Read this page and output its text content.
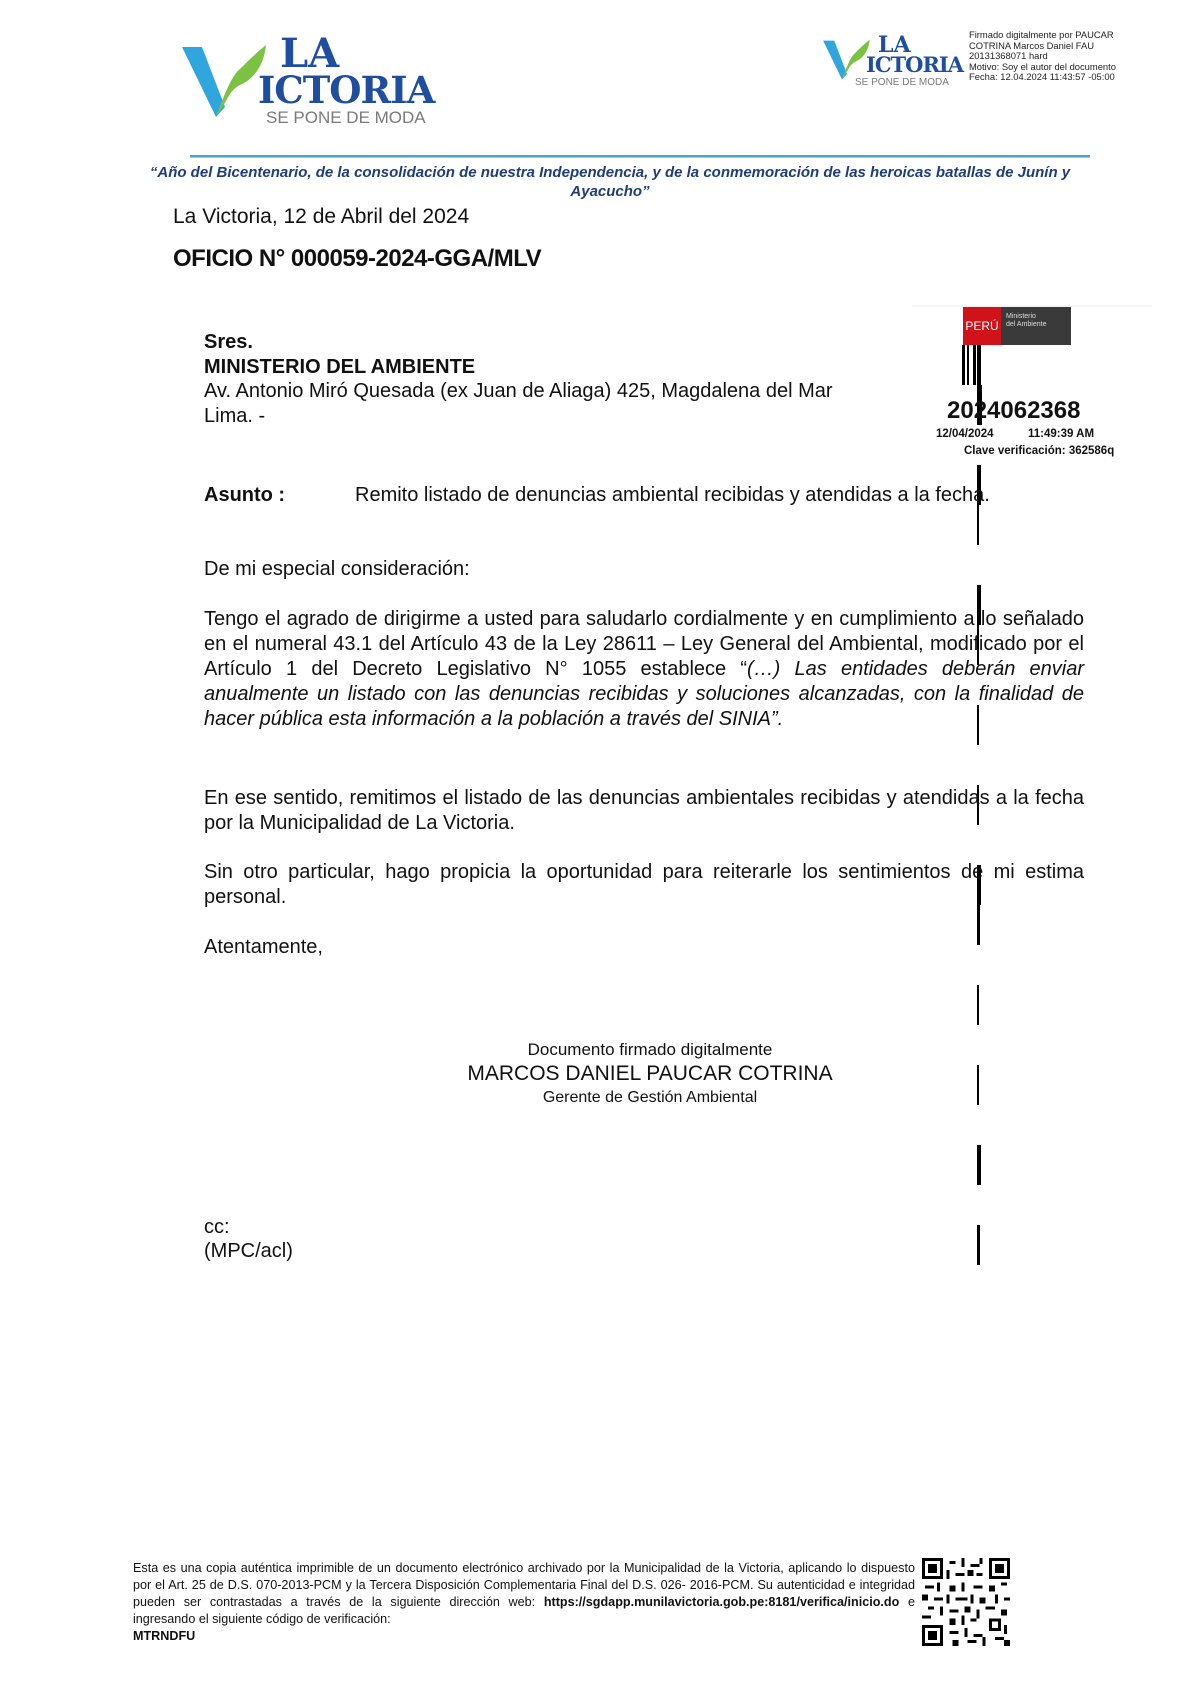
LA
ICTORIA
SE PONE DE MODA
LA
ICTORIA
SE PONE DE MODA
Firmado digitalmente por PAUCAR
COTRINA Marcos Daniel FAU
20131368071 hard
Motivo: Soy el autor del documento
Fecha: 12.04.2024 11:43:57 -05:00
“Año del Bicentenario, de la consolidación de nuestra Independencia, y de la conmemoración de las heroicas batallas de Junín y Ayacucho”
La Victoria, 12 de Abril del 2024
OFICIO N° 000059-2024-GGA/MLV
Sres.
MINISTERIO DEL AMBIENTE
Av. Antonio Miró Quesada (ex Juan de Aliaga) 425, Magdalena del Mar
Lima. -
PERÚ
Ministerio
del Ambiente
2024062368
12/04/2024	11:49:39 AM
Clave verificación: 362586q
Asunto :	Remito listado de denuncias ambiental recibidas y atendidas a la fecha.
De mi especial consideración:
Tengo el agrado de dirigirme a usted para saludarlo cordialmente y en cumplimiento a lo señalado en el numeral 43.1 del Artículo 43 de la Ley 28611 – Ley General del Ambiental, modificado por el Artículo 1 del Decreto Legislativo N° 1055 establece “(…) Las entidades deberán enviar anualmente un listado con las denuncias recibidas y soluciones alcanzadas, con la finalidad de hacer pública esta información a la población a través del SINIA”.
En ese sentido, remitimos el listado de las denuncias ambientales recibidas y atendidas a la fecha por la Municipalidad de La Victoria.
Sin otro particular, hago propicia la oportunidad para reiterarle los sentimientos de mi estima personal.
Atentamente,
Documento firmado digitalmente
MARCOS DANIEL PAUCAR COTRINA
Gerente de Gestión Ambiental
cc:
(MPC/acl)
Esta es una copia auténtica imprimible de un documento electrónico archivado por la Municipalidad de la Victoria, aplicando lo dispuesto por el Art. 25 de D.S. 070-2013-PCM y la Tercera Disposición Complementaria Final del D.S. 026- 2016-PCM. Su autenticidad e integridad pueden ser contrastadas a través de la siguiente dirección web: https://sgdapp.munilavictoria.gob.pe:8181/verifica/inicio.do e ingresando el siguiente código de verificación:
MTRNDFU
